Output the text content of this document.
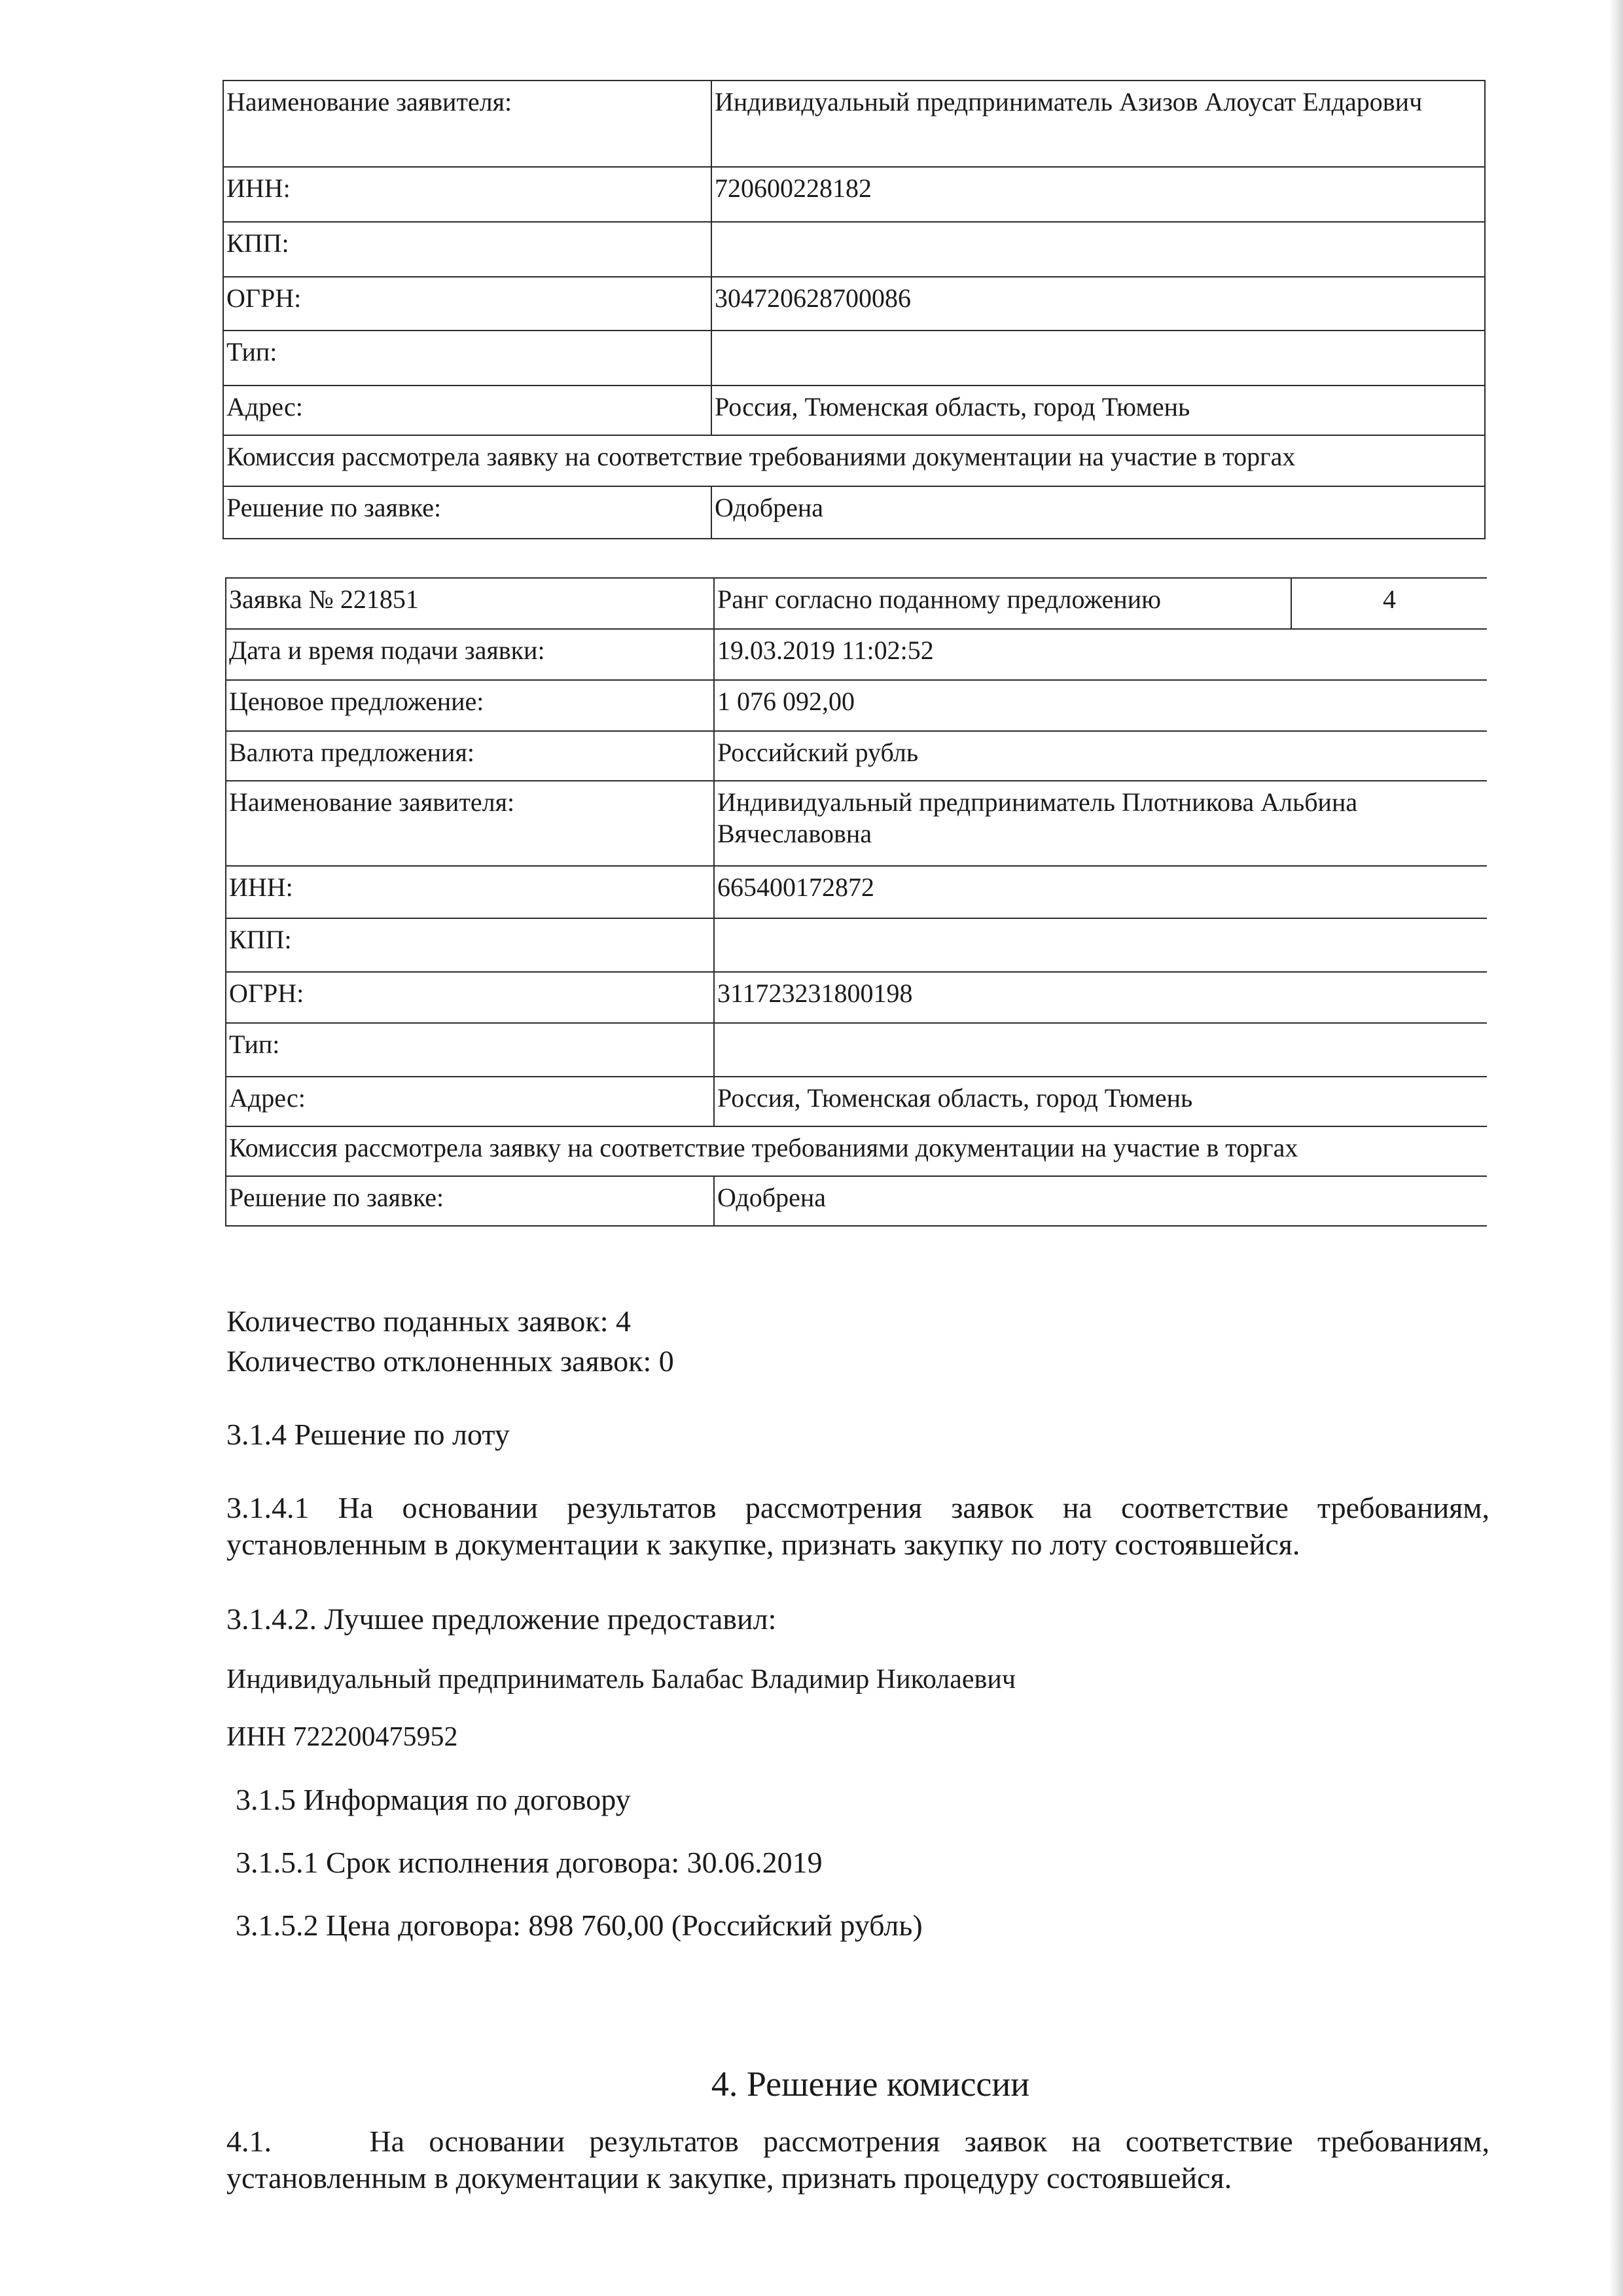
Наименование заявителя:	Индивидуальный предприниматель Азизов Алоусат Елдарович
ИНН:	720600228182
КПП:	
ОГРН:	304720628700086
Тип:	
Адрес:	Россия, Тюменская область, город Тюмень
Комиссия рассмотрела заявку на соответствие требованиями документации на участие в торгах	
Решение по заявке:	Одобрена
Заявка № 221851	Ранг согласно поданному предложению	4
Дата и время подачи заявки:	19.03.2019 11:02:52	
Ценовое предложение:	1 076 092,00	
Валюта предложения:	Российский рубль	
Наименование заявителя:	Индивидуальный предприниматель Плотникова Альбина Вячеславовна	
ИНН:	665400172872	
КПП:		
ОГРН:	311723231800198	
Тип:		
Адрес:	Россия, Тюменская область, город Тюмень	
Комиссия рассмотрела заявку на соответствие требованиями документации на участие в торгах		
Решение по заявке:	Одобрена	

Количество поданных заявок: 4

Количество отклоненных заявок: 0

3.1.4 Решение по лоту

3.1.4.1 На основании результатов рассмотрения заявок на соответствие требованиям, установленным в документации к закупке, признать закупку по лоту состоявшейся.

3.1.4.2. Лучшее предложение предоставил:

Индивидуальный предприниматель Балабас Владимир Николаевич

ИНН 722200475952

3.1.5 Информация по договору

3.1.5.1 Срок исполнения договора: 30.06.2019

3.1.5.2 Цена договора: 898 760,00 (Российский рубль)

4. Решение комиссии

4.1.    На основании результатов рассмотрения заявок на соответствие требованиям, установленным в документации к закупке, признать процедуру состоявшейся.
